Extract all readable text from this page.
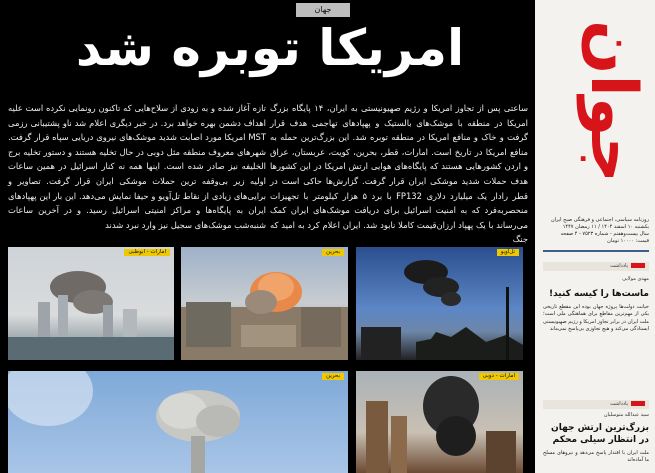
جهان
امریکا توبره شد
ساعتی پس از تجاوز امریکا و رژیم صهیونیستی به ایران، ۱۴ پایگاه بزرگ امریکا در منطقه با موشک‌های بالستیک و پهپادهای تهاجمی هدف قرار گرفت و خاک و منافع امریکا در منطقه توبره شد. این بزرگ‌ترین حمله به منافع امریکا در تاریخ است. امارات، قطر، بحرین، کویت، عربستان، عراق و اردن کشورهایی هستند که پایگاه‌های هوایی ارتش امریکا در این کشورها هدف حملات شدید موشکی ایران قرار گرفت. گزارش‌ها حاکی است در قطر رادار یک میلیارد دلاری FP132 با برد ۵ هزار کیلومتر با تجهیزات منحصربه‌فرد که به امنیت اسرائیل برای دریافت موشک‌های ایران کمک می‌رساند با یک پهپاد ارزان‌قیمت کاملا نابود شد. ایران اعلام کرد به امید که جنگ
تازه آغاز شده و به زودی از سلاح‌هایی که تاکنون رونمایی نکرده است علیه اهداف دشمن بهره خواهد برد. در خبر دیگری اعلام شد ناو پشتیبانی رزمی MST امریکا مورد اصابت شدید موشک‌های نیروی دریایی سپاه قرار گرفت. شهرهای معروف منطقه مثل دوبی در حال تخلیه هستند و دستور تخلیه برج الخلیفه نیز صادر شده است. اینها همه نه کنار اسرائیل در همین ساعات اولیه زیر بی‌وقفه ترین حملات موشکی ایران قرار گرفت. تصاویر و برایی‌های زیادی از نقاط تل‌آویو و حیفا نمایش می‌دهد. این بار این پهپادهای ایران به پایگاه‌ها و مراکز امنیتی اسرائیل رسید. و در آخرین ساعات شنبه‌شب موشک‌های سجیل نیز وارد نبرد شدند
تل‌آویو
بحرین
امارات - ابوظبی
امارات - دوبی
بحرین
جوان
روزنامه سیاسی، اجتماعی و فرهنگی صبح ایران
یکشنبه ۱۰ اسفند ۱۴۰۴ / ۱۱ رمضان ۱۴۴۷
سال بیست‌وهفتم - شماره ۷۵۲۳ - ۴ صفحه
قیمت: ۱۰۰۰۰ تومان
یادداشت
مهدی مولایی
ماست‌ها را کیسه کنید!
خیانت دولت‌ها پروژه جهان بوده این مقطع تاریخی یکی از مهم‌ترین مقاطع برای هماهنگی ملی است؛ ملت ایران در برابر تجاوز امریکا و رژیم صهیونیستی ایستادگی می‌کند و هیچ تجاوزی بی‌پاسخ نمی‌ماند
یادداشت
سید عبدالله متوسلیان
بزرگ‌ترین ارتش جهان در انتظار سیلی محکم
ملت ایران با اقتدار پاسخ می‌دهد و نیروهای مسلح ما آماده‌اند
